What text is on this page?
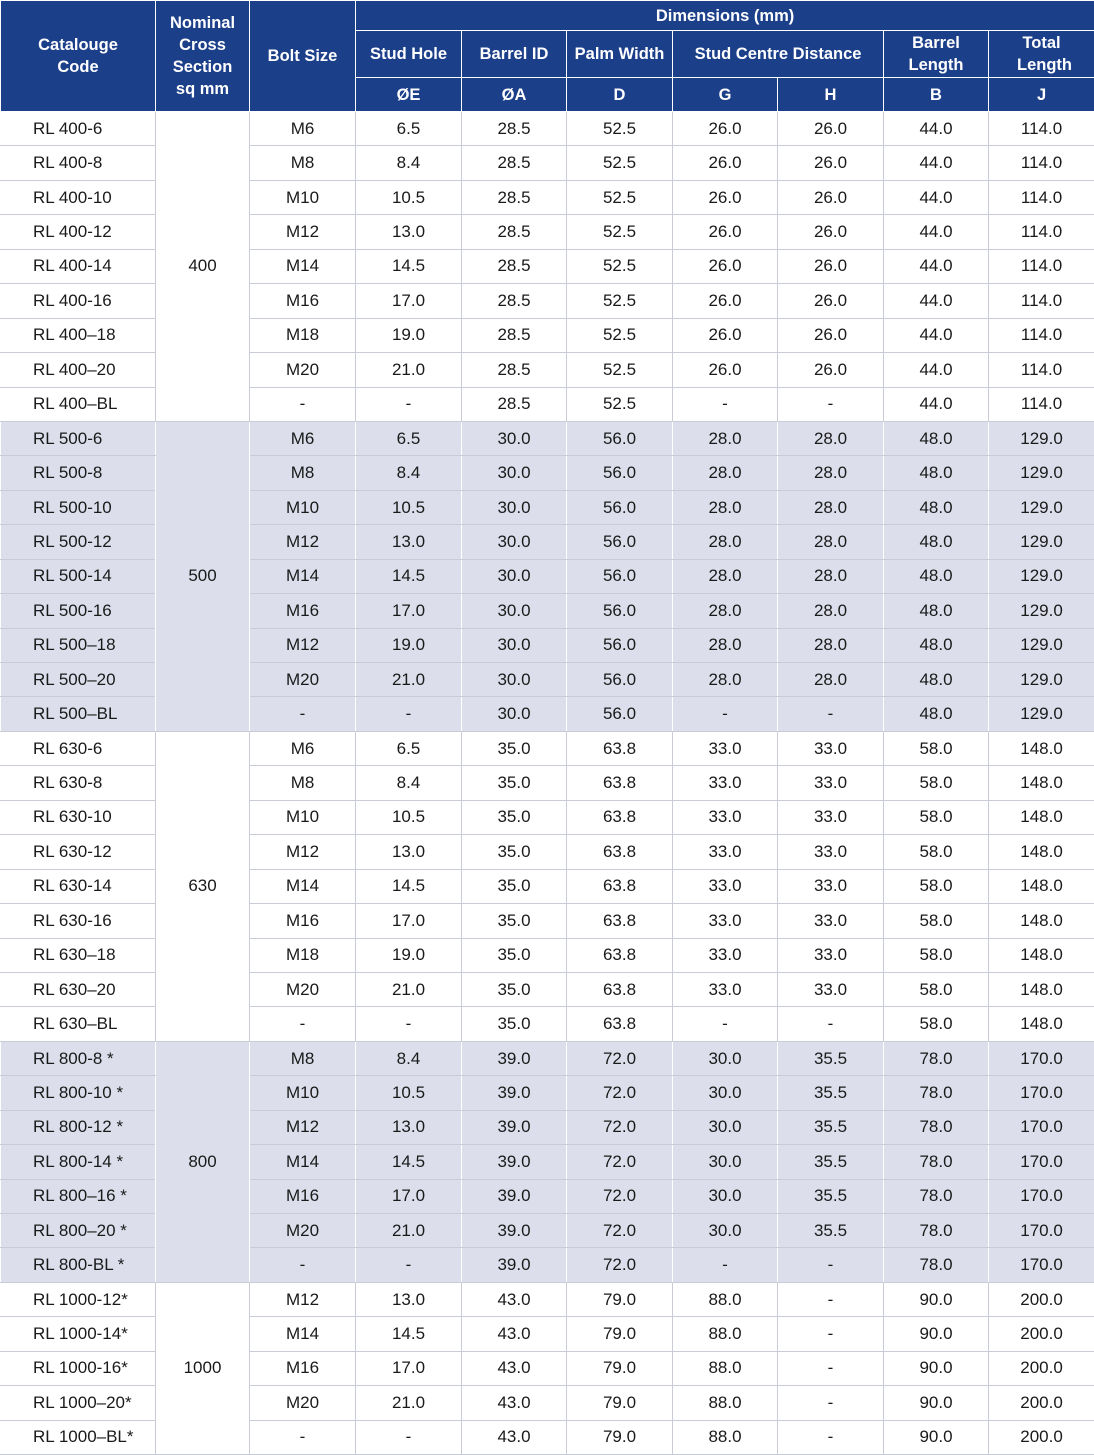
Catalouge Code	Nominal Cross Section sq mm	Bolt Size	Dimensions (mm)						
			Stud Hole	Barrel ID	Palm Width	Stud Centre Distance		Barrel Length	Total Length
			ØE	ØA	D	G	H	B	J
RL 400-6	400	M6	6.5	28.5	52.5	26.0	26.0	44.0	114.0
RL 400-8		M8	8.4	28.5	52.5	26.0	26.0	44.0	114.0
RL 400-10		M10	10.5	28.5	52.5	26.0	26.0	44.0	114.0
RL 400-12		M12	13.0	28.5	52.5	26.0	26.0	44.0	114.0
RL 400-14		M14	14.5	28.5	52.5	26.0	26.0	44.0	114.0
RL 400-16		M16	17.0	28.5	52.5	26.0	26.0	44.0	114.0
RL 400–18		M18	19.0	28.5	52.5	26.0	26.0	44.0	114.0
RL 400–20		M20	21.0	28.5	52.5	26.0	26.0	44.0	114.0
RL 400–BL		-	-	28.5	52.5	-	-	44.0	114.0
RL 500-6	500	M6	6.5	30.0	56.0	28.0	28.0	48.0	129.0
RL 500-8		M8	8.4	30.0	56.0	28.0	28.0	48.0	129.0
RL 500-10		M10	10.5	30.0	56.0	28.0	28.0	48.0	129.0
RL 500-12		M12	13.0	30.0	56.0	28.0	28.0	48.0	129.0
RL 500-14		M14	14.5	30.0	56.0	28.0	28.0	48.0	129.0
RL 500-16		M16	17.0	30.0	56.0	28.0	28.0	48.0	129.0
RL 500–18		M12	19.0	30.0	56.0	28.0	28.0	48.0	129.0
RL 500–20		M20	21.0	30.0	56.0	28.0	28.0	48.0	129.0
RL 500–BL		-	-	30.0	56.0	-	-	48.0	129.0
RL 630-6	630	M6	6.5	35.0	63.8	33.0	33.0	58.0	148.0
RL 630-8		M8	8.4	35.0	63.8	33.0	33.0	58.0	148.0
RL 630-10		M10	10.5	35.0	63.8	33.0	33.0	58.0	148.0
RL 630-12		M12	13.0	35.0	63.8	33.0	33.0	58.0	148.0
RL 630-14		M14	14.5	35.0	63.8	33.0	33.0	58.0	148.0
RL 630-16		M16	17.0	35.0	63.8	33.0	33.0	58.0	148.0
RL 630–18		M18	19.0	35.0	63.8	33.0	33.0	58.0	148.0
RL 630–20		M20	21.0	35.0	63.8	33.0	33.0	58.0	148.0
RL 630–BL		-	-	35.0	63.8	-	-	58.0	148.0
RL 800-8 *	800	M8	8.4	39.0	72.0	30.0	35.5	78.0	170.0
RL 800-10 *		M10	10.5	39.0	72.0	30.0	35.5	78.0	170.0
RL 800-12 *		M12	13.0	39.0	72.0	30.0	35.5	78.0	170.0
RL 800-14 *		M14	14.5	39.0	72.0	30.0	35.5	78.0	170.0
RL 800–16 *		M16	17.0	39.0	72.0	30.0	35.5	78.0	170.0
RL 800–20 *		M20	21.0	39.0	72.0	30.0	35.5	78.0	170.0
RL 800-BL *		-	-	39.0	72.0	-	-	78.0	170.0
RL 1000-12*	1000	M12	13.0	43.0	79.0	88.0	-	90.0	200.0
RL 1000-14*		M14	14.5	43.0	79.0	88.0	-	90.0	200.0
RL 1000-16*		M16	17.0	43.0	79.0	88.0	-	90.0	200.0
RL 1000–20*		M20	21.0	43.0	79.0	88.0	-	90.0	200.0
RL 1000–BL*		-	-	43.0	79.0	88.0	-	90.0	200.0
